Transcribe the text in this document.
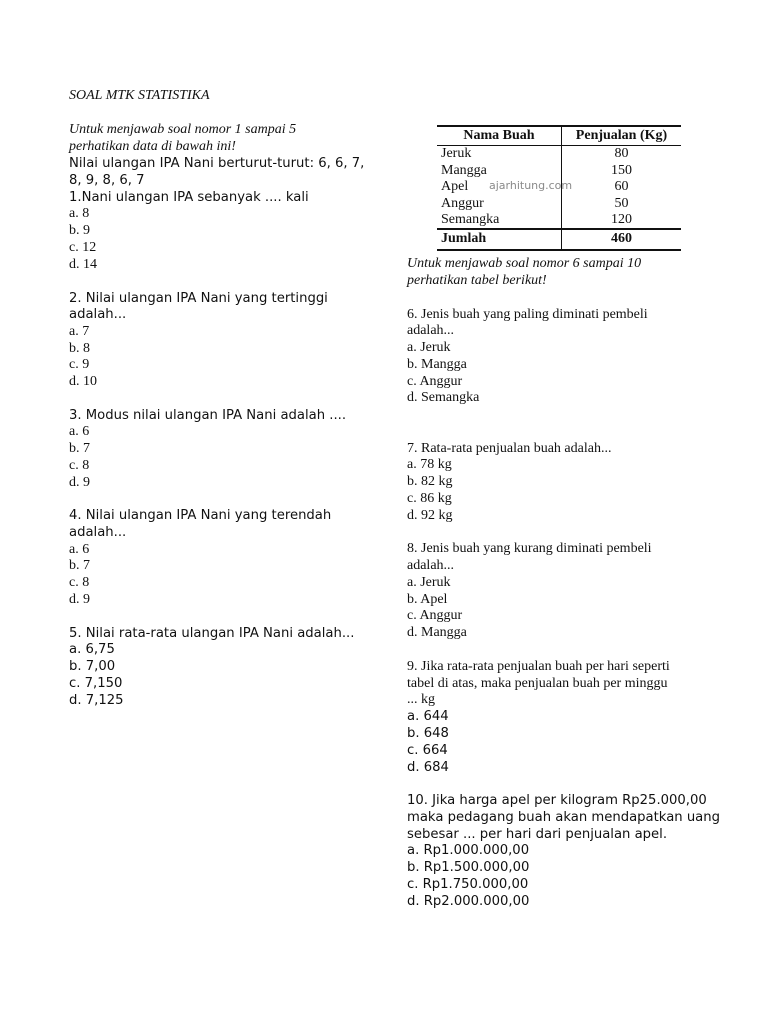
SOAL MTK STATISTIKA
Untuk menjawab soal nomor 1 sampai 5
perhatikan data di bawah ini!
Nilai ulangan IPA Nani berturut-turut: 6, 6, 7,
8, 9, 8, 6, 7
1.Nani ulangan IPA sebanyak .... kali
a. 8
b. 9
c. 12
d. 14
2. Nilai ulangan IPA Nani yang tertinggi
adalah...
a. 7
b. 8
c. 9
d. 10
3. Modus nilai ulangan IPA Nani adalah ....
a. 6
b. 7
c. 8
d. 9
4. Nilai ulangan IPA Nani yang terendah
adalah...
a. 6
b. 7
c. 8
d. 9
5. Nilai rata-rata ulangan IPA Nani adalah...
a. 6,75
b. 7,00
c. 7,150
d. 7,125
Nama Buah	Penjualan (Kg)
Jeruk	80
Mangga	150
Apel	60
Anggur	50
Semangka	120
Jumlah	460
ajarhitung.com
Untuk menjawab soal nomor 6 sampai 10
perhatikan tabel berikut!
6. Jenis buah yang paling diminati pembeli
adalah...
a. Jeruk
b. Mangga
c. Anggur
d. Semangka
7. Rata-rata penjualan buah adalah...
a. 78 kg
b. 82 kg
c. 86 kg
d. 92 kg
8. Jenis buah yang kurang diminati pembeli
adalah...
a. Jeruk
b. Apel
c. Anggur
d. Mangga
9. Jika rata-rata penjualan buah per hari seperti
tabel di atas, maka penjualan buah per minggu
... kg
a. 644
b. 648
c. 664
d. 684
10. Jika harga apel per kilogram Rp25.000,00
maka pedagang buah akan mendapatkan uang
sebesar ... per hari dari penjualan apel.
a. Rp1.000.000,00
b. Rp1.500.000,00
c. Rp1.750.000,00
d. Rp2.000.000,00
